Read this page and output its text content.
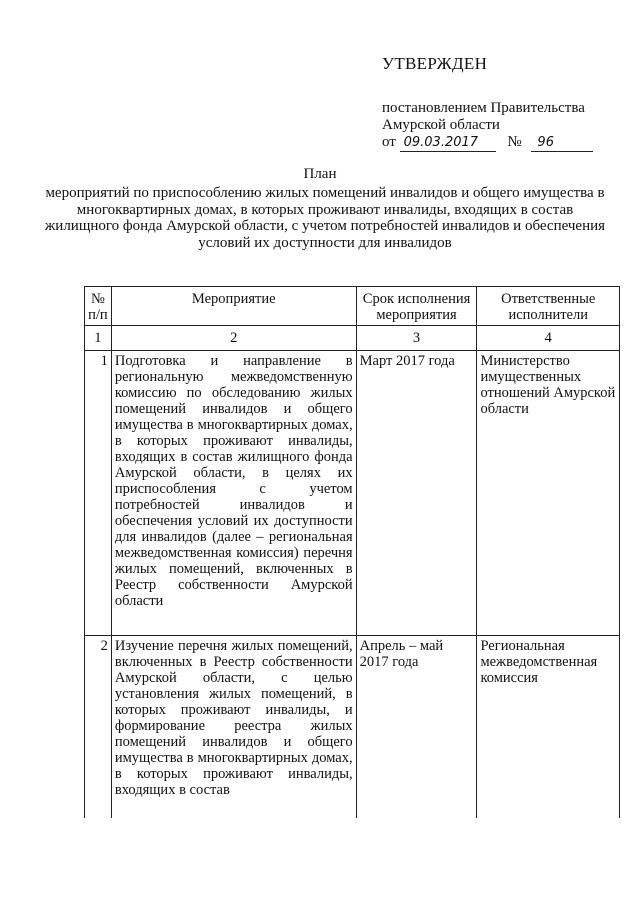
УТВЕРЖДЕН
постановлением Правительства
Амурской области
от 09.03.2017 № 96
План
мероприятий по приспособлению жилых помещений инвалидов и общего имущества в многоквартирных домах, в которых проживают инвалиды, входящих в состав жилищного фонда Амурской области, с учетом потребностей инвалидов и обеспечения условий их доступности для инвалидов
№ п/п	Мероприятие	Срок исполнения мероприятия	Ответственные исполнители
1	2	3	4
1	Подготовка и направление в региональную межведомственную комиссию по обследованию жилых помещений инвалидов и общего имущества в многоквартирных домах, в которых проживают инвалиды, входящих в состав жилищного фонда Амурской области, в целях их приспособления с учетом потребностей инвалидов и обеспечения условий их доступности для инвалидов (далее – региональная межведомственная комиссия) перечня жилых помещений, включенных в Реестр собственности Амурской области	Март 2017 года	Министерство имущественных отношений Амурской области
2	Изучение перечня жилых помещений, включенных в Реестр собственности Амурской области, с целью установления жилых помещений, в которых проживают инвалиды, и формирование реестра жилых помещений инвалидов и общего имущества в многоквартирных домах, в которых проживают инвалиды, входящих в состав	Апрель – май 2017 года	Региональная межведомственная комиссия
